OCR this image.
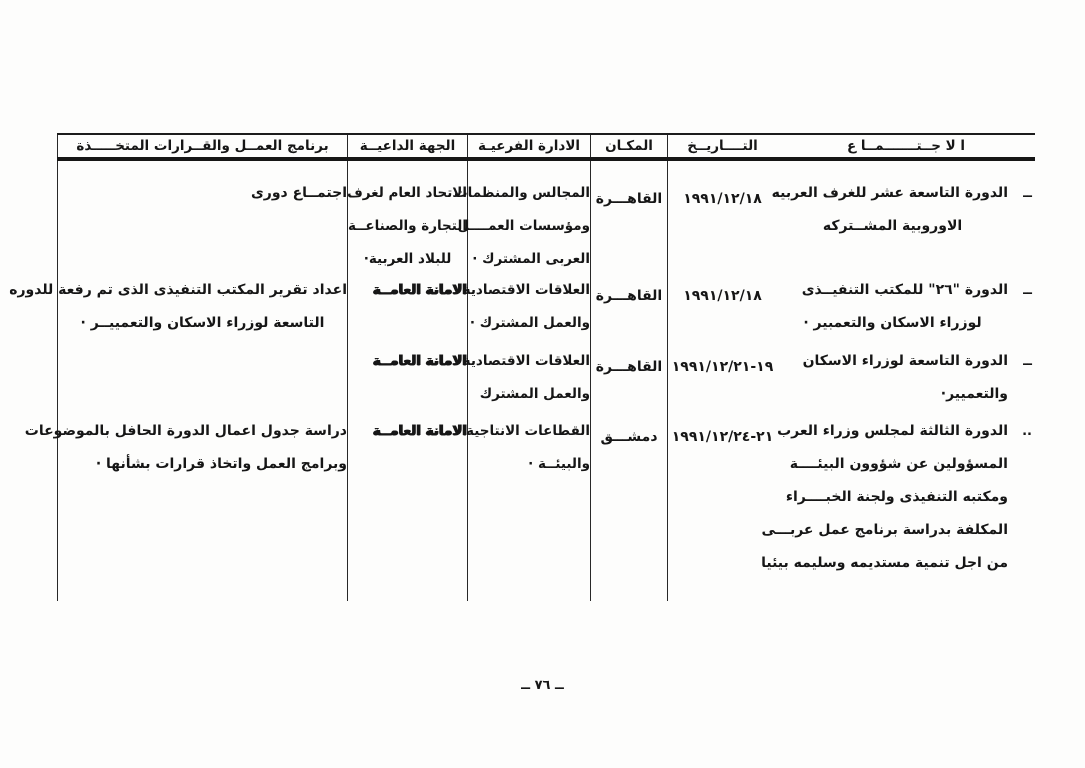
ا لا جــتـــــــمــا ع
التــــاريــخ
المكـان
الادارة الفرعيـة
الجهة الداعيــة
برنامج العمــل والقــرارات المتخـــــذة
ــ
الدورة التاسعة عشر للغرف العربيه
الاوروبية المشــتركه
ــ
الدورة "٢٦" للمكتب التنفيــذى
لوزراء الاسكان والتعمبير ·
ــ
الدورة التاسعة لوزراء الاسكان
والتعميير·
..
الدورة الثالثة لمجلس وزراء العرب
المسؤولين عن شؤوون البيئــــة
ومكتبه التنفيذى ولجنة الخبــــراء
المكلفة بدراسة برنامج عمل عربـــى
من اجل تنمية مستديمه وسليمه بيئيا
١٩٩١/١٢/١٨
١٩٩١/١٢/١٨
١٩٩١/١٢/٢١-١٩
١٩٩١/١٢/٢٤-٢١
القاهـــرة
القاهـــرة
القاهـــرة
دمشـــق
المجالس والمنظمات
ومؤسسات العمــــل
العربى المشترك ·
العلاقات الاقتصادية
والعمل المشترك ·
العلاقات الاقتصادية
والعمل المشترك
القطاعات الانتاجية
والبيئــة ·
الاتحاد العام لغرف
التجارة والصناعــة
للبلاد العربية·
الامانة العامــة
الامانة العامــة
الامانة العامــة
اجتمــاع دورى
اعداد تقرير المكتب التنفيذى الذى تم رفعة للدوره
التاسعة لوزراء الاسكان والتعمييــر ·
دراسة جدول اعمال الدورة الحافل بالموضوعات
وبرامج العمل واتخاذ قرارات بشأنها ·
ــ ٧٦ ــ
